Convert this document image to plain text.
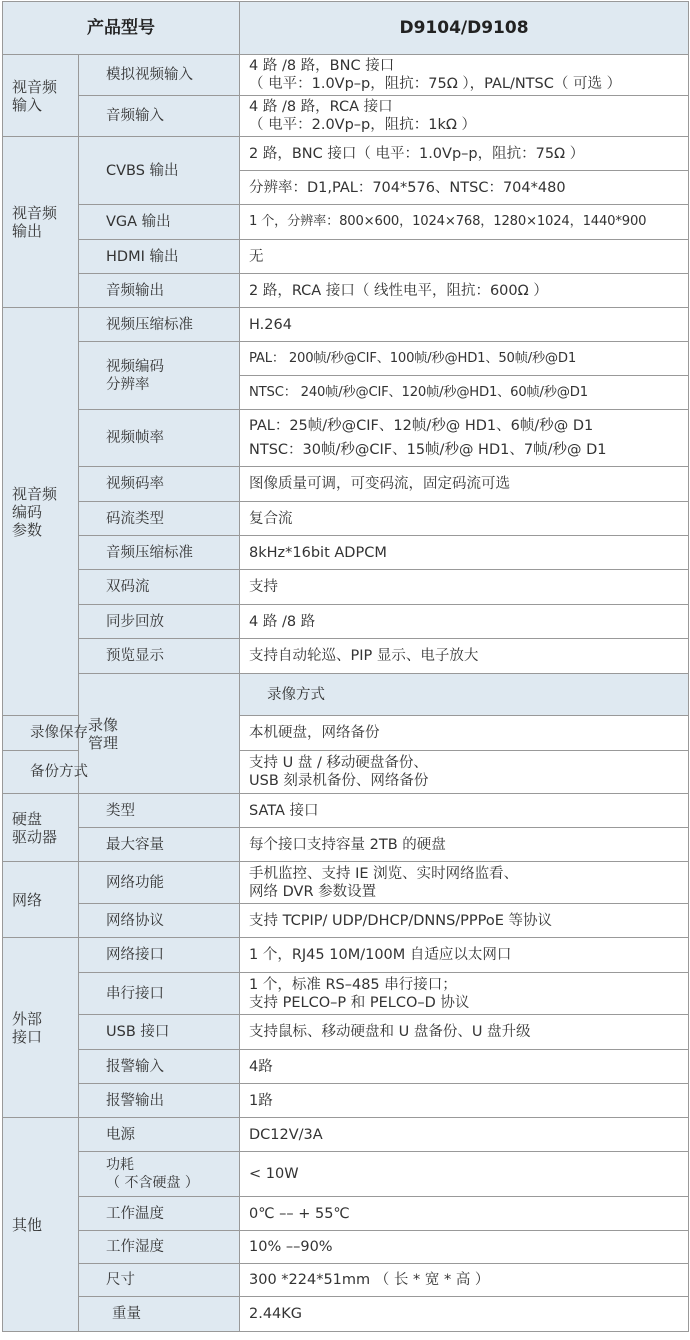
产品型号		D9104/D9108	

视音频
输入	模拟视频输入	4 路 /8 路，BNC 接口
（ 电平：1.0Vp–p，阻抗：75Ω ），PAL/NTSC（ 可选 ）	

	音频输入	4 路 /8 路，RCA 接口
（ 电平：2.0Vp–p，阻抗：1kΩ ）	

视音频
输出	CVBS 输出	2 路，BNC 接口（ 电平：1.0Vp–p，阻抗：75Ω ）	
		分辨率：D1,PAL：704*576、NTSC：704*480	
	VGA 输出	1 个，分辨率：800×600，1024×768，1280×1024，1440*900	
	HDMI 输出	无	
	音频输出	2 路，RCA 接口（ 线性电平，阻抗：600Ω ）	

视音频
编码
参数	视频压缩标准	H.264	

	视频编码
分辨率	PAL： 200帧/秒@CIF、100帧/秒@HD1、50帧/秒@D1	
		NTSC： 240帧/秒@CIF、120帧/秒@HD1、60帧/秒@D1	
	视频帧率	PAL：25帧/秒@CIF、12帧/秒@ HD1、6帧/秒@ D1
NTSC：30帧/秒@CIF、15帧/秒@ HD1、7帧/秒@ D1	

	视频码率	图像质量可调，可变码流，固定码流可选	
	码流类型	复合流	
	音频压缩标准	8kHz*16bit ADPCM	
	双码流	支持	
	同步回放	4 路 /8 路	
	预览显示	支持自动轮巡、PIP 显示、电子放大	

	录像
管理	录像方式	

录像保存		本机硬盘，网络备份	
备份方式		支持 U 盘 / 移动硬盘备份、
USB 刻录机备份、网络备份	

硬盘
驱动器	类型	SATA 接口	
	最大容量	每个接口支持容量 2TB 的硬盘	

网络	网络功能	手机监控、支持 IE 浏览、实时网络监看、
网络 DVR 参数设置	

	网络协议	支持 TCPIP/ UDP/DHCP/DNNS/PPPoE 等协议	

外部
接口	网络接口	1 个，RJ45 10M/100M 自适应以太网口	
	串行接口	1 个，标准 RS–485 串行接口；
支持 PELCO–P 和 PELCO–D 协议	

	USB 接口	支持鼠标、移动硬盘和 U 盘备份、U 盘升级	
	报警输入	4路	
	报警输出	1路	

其他	电源	DC12V/3A	

	功耗
（ 不含硬盘 ）	< 10W	
	工作温度	0℃ –– + 55℃	
	工作湿度	10% ––90%	
	尺寸	300 *224*51mm （ 长 * 宽 * 高 ）	
	重量	2.44KG	
